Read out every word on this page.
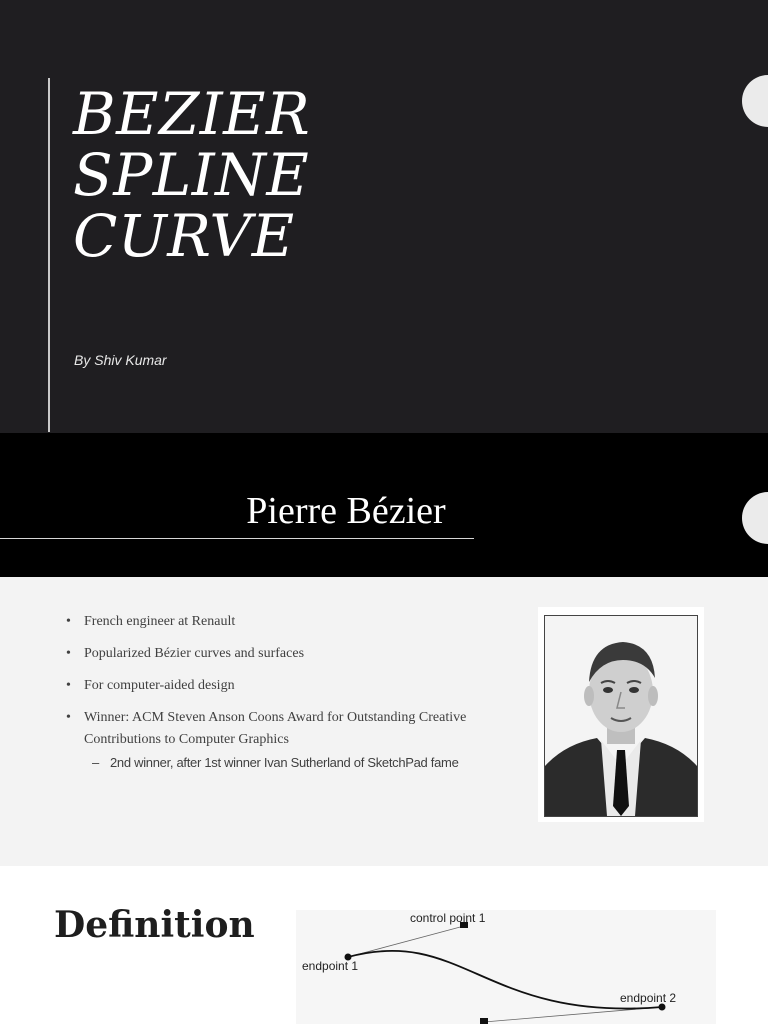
BEZIER
SPLINE
CURVE
By Shiv Kumar
Pierre Bézier
• French engineer at Renault
• Popularized Bézier curves and surfaces
• For computer-aided design
• Winner: ACM Steven Anson Coons Award for Outstanding Creative Contributions to Computer Graphics
– 2nd winner, after 1st winner Ivan Sutherland of SketchPad fame
Definition	control point 1
endpoint 1
endpoint 2
